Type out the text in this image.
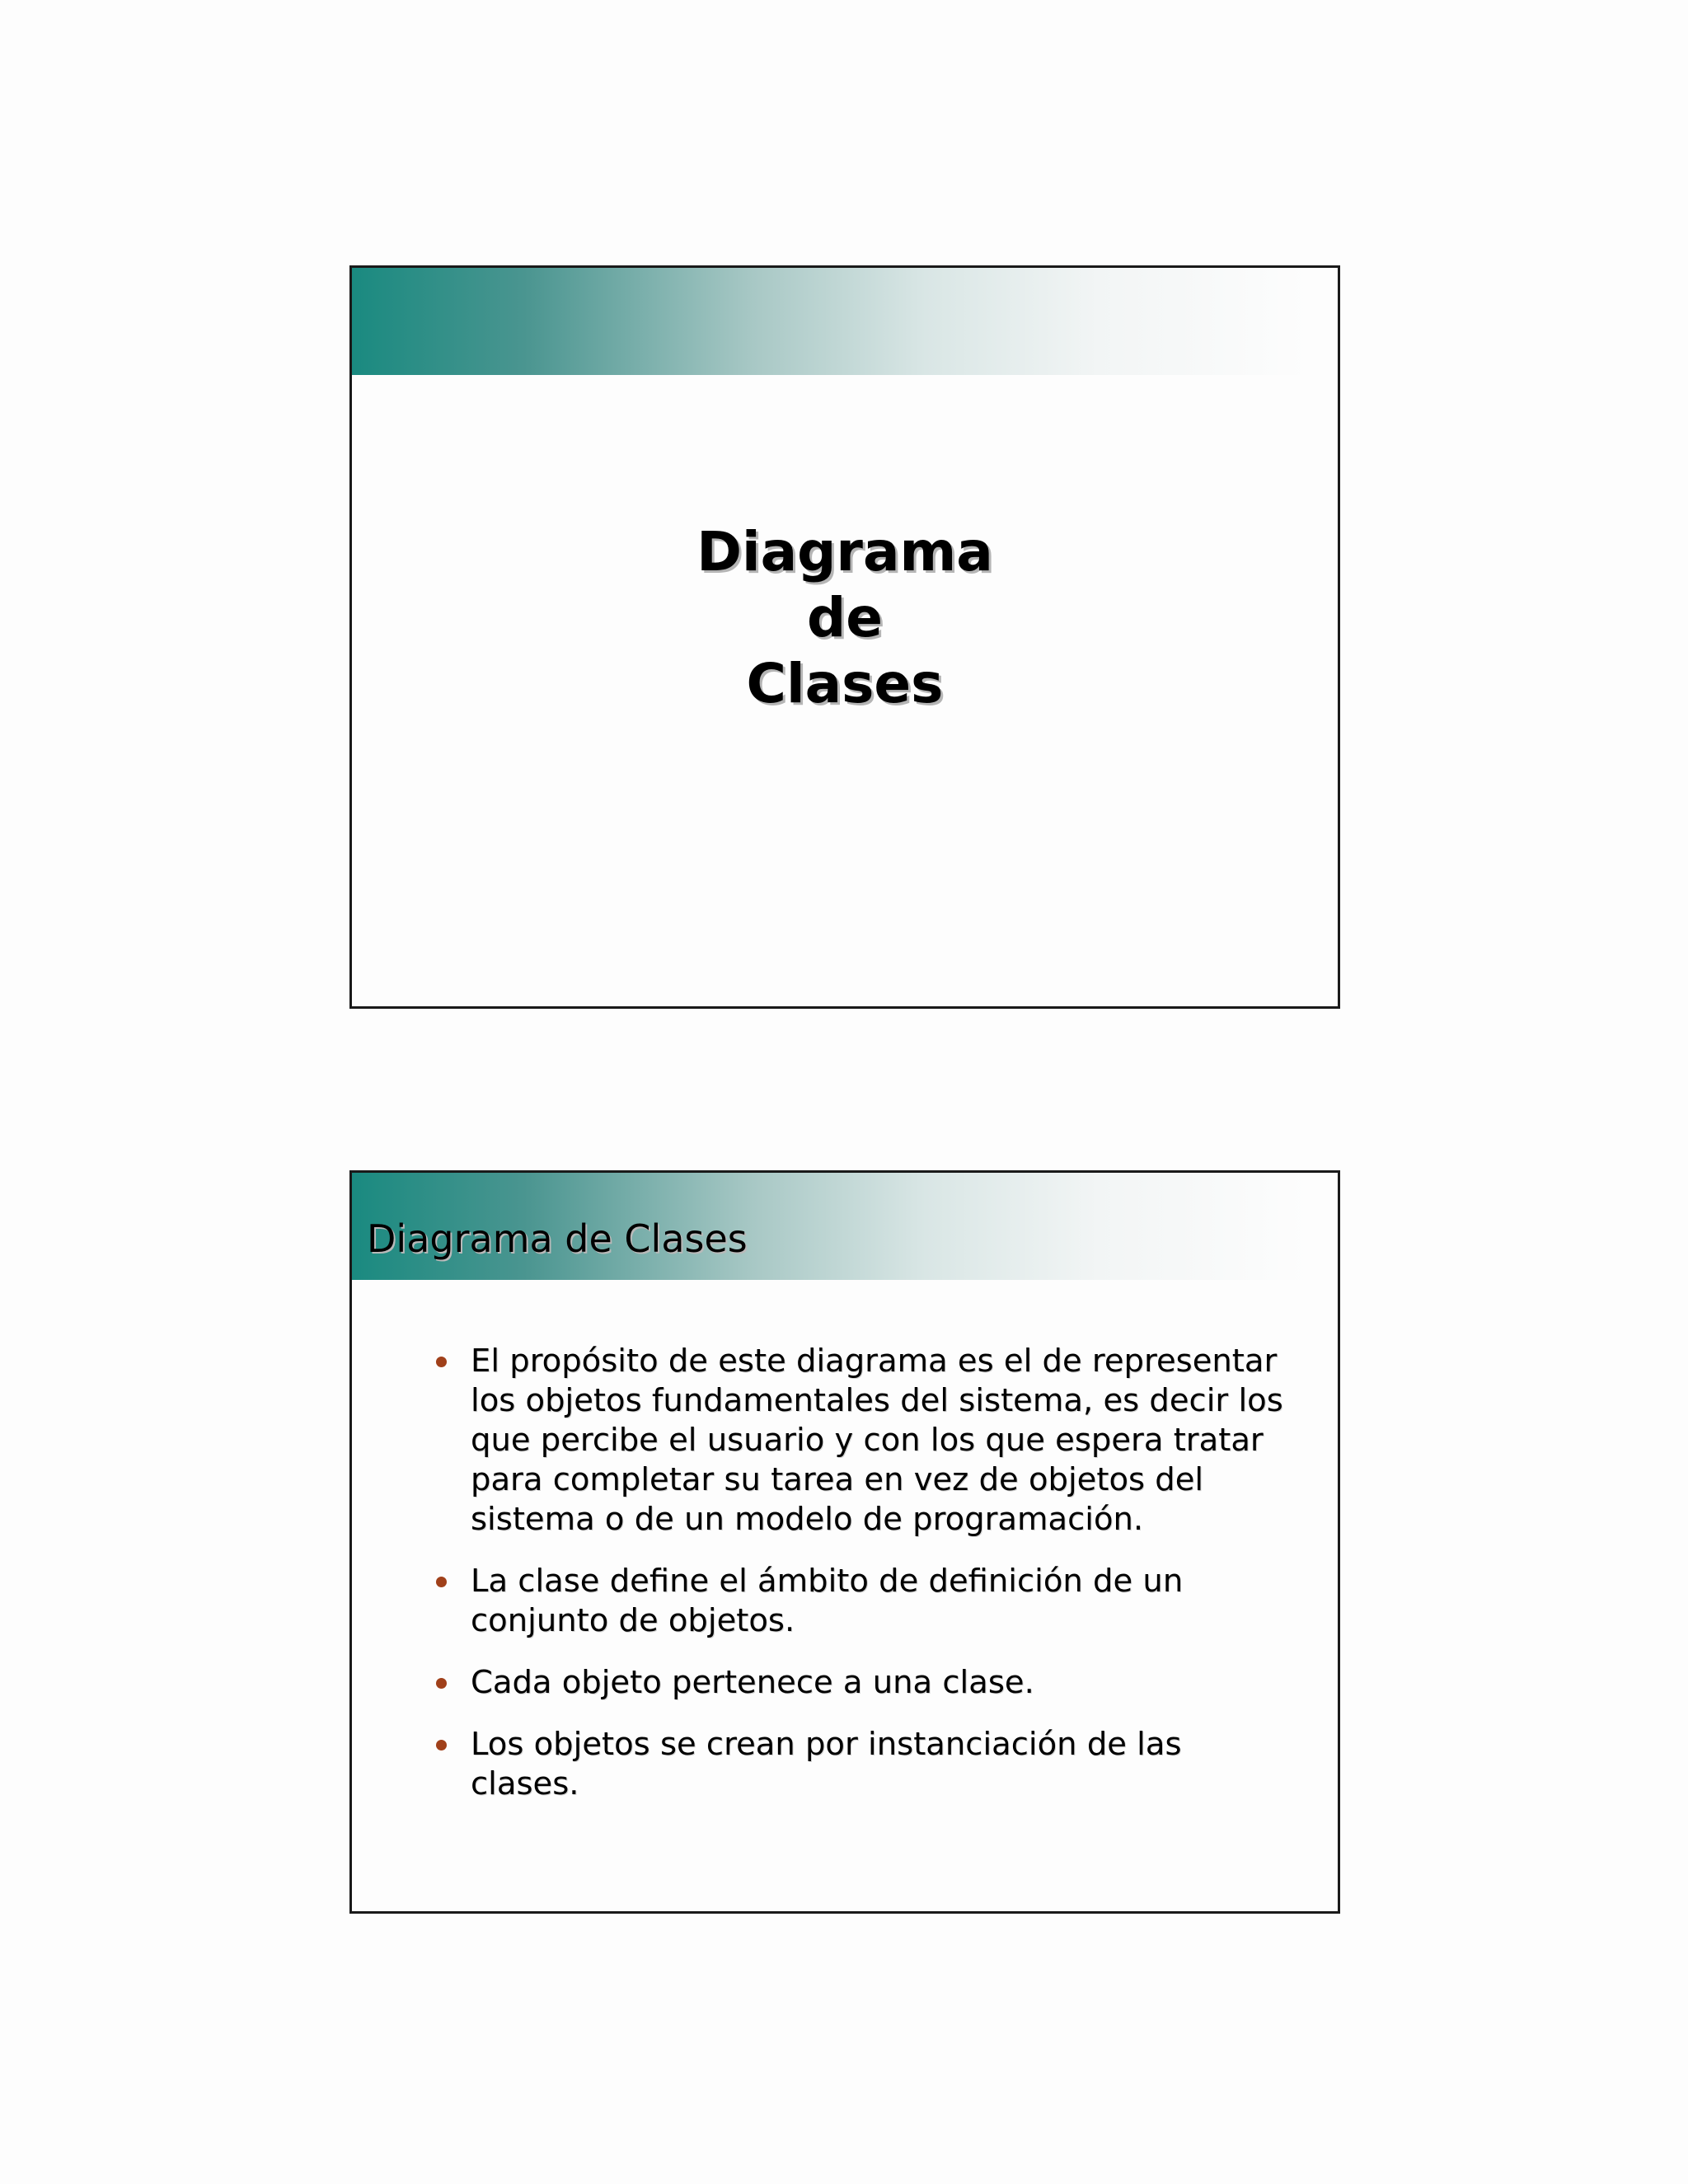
Diagrama
de
Clases
Diagrama de Clases
El propósito de este diagrama es el de representar los objetos fundamentales del sistema, es decir los que percibe el usuario y con los que espera tratar para completar su tarea en vez de objetos del sistema o de un modelo de programación.
La clase define el ámbito de definición de un conjunto de objetos.
Cada objeto pertenece a una clase.
Los objetos se crean por instanciación de las clases.
